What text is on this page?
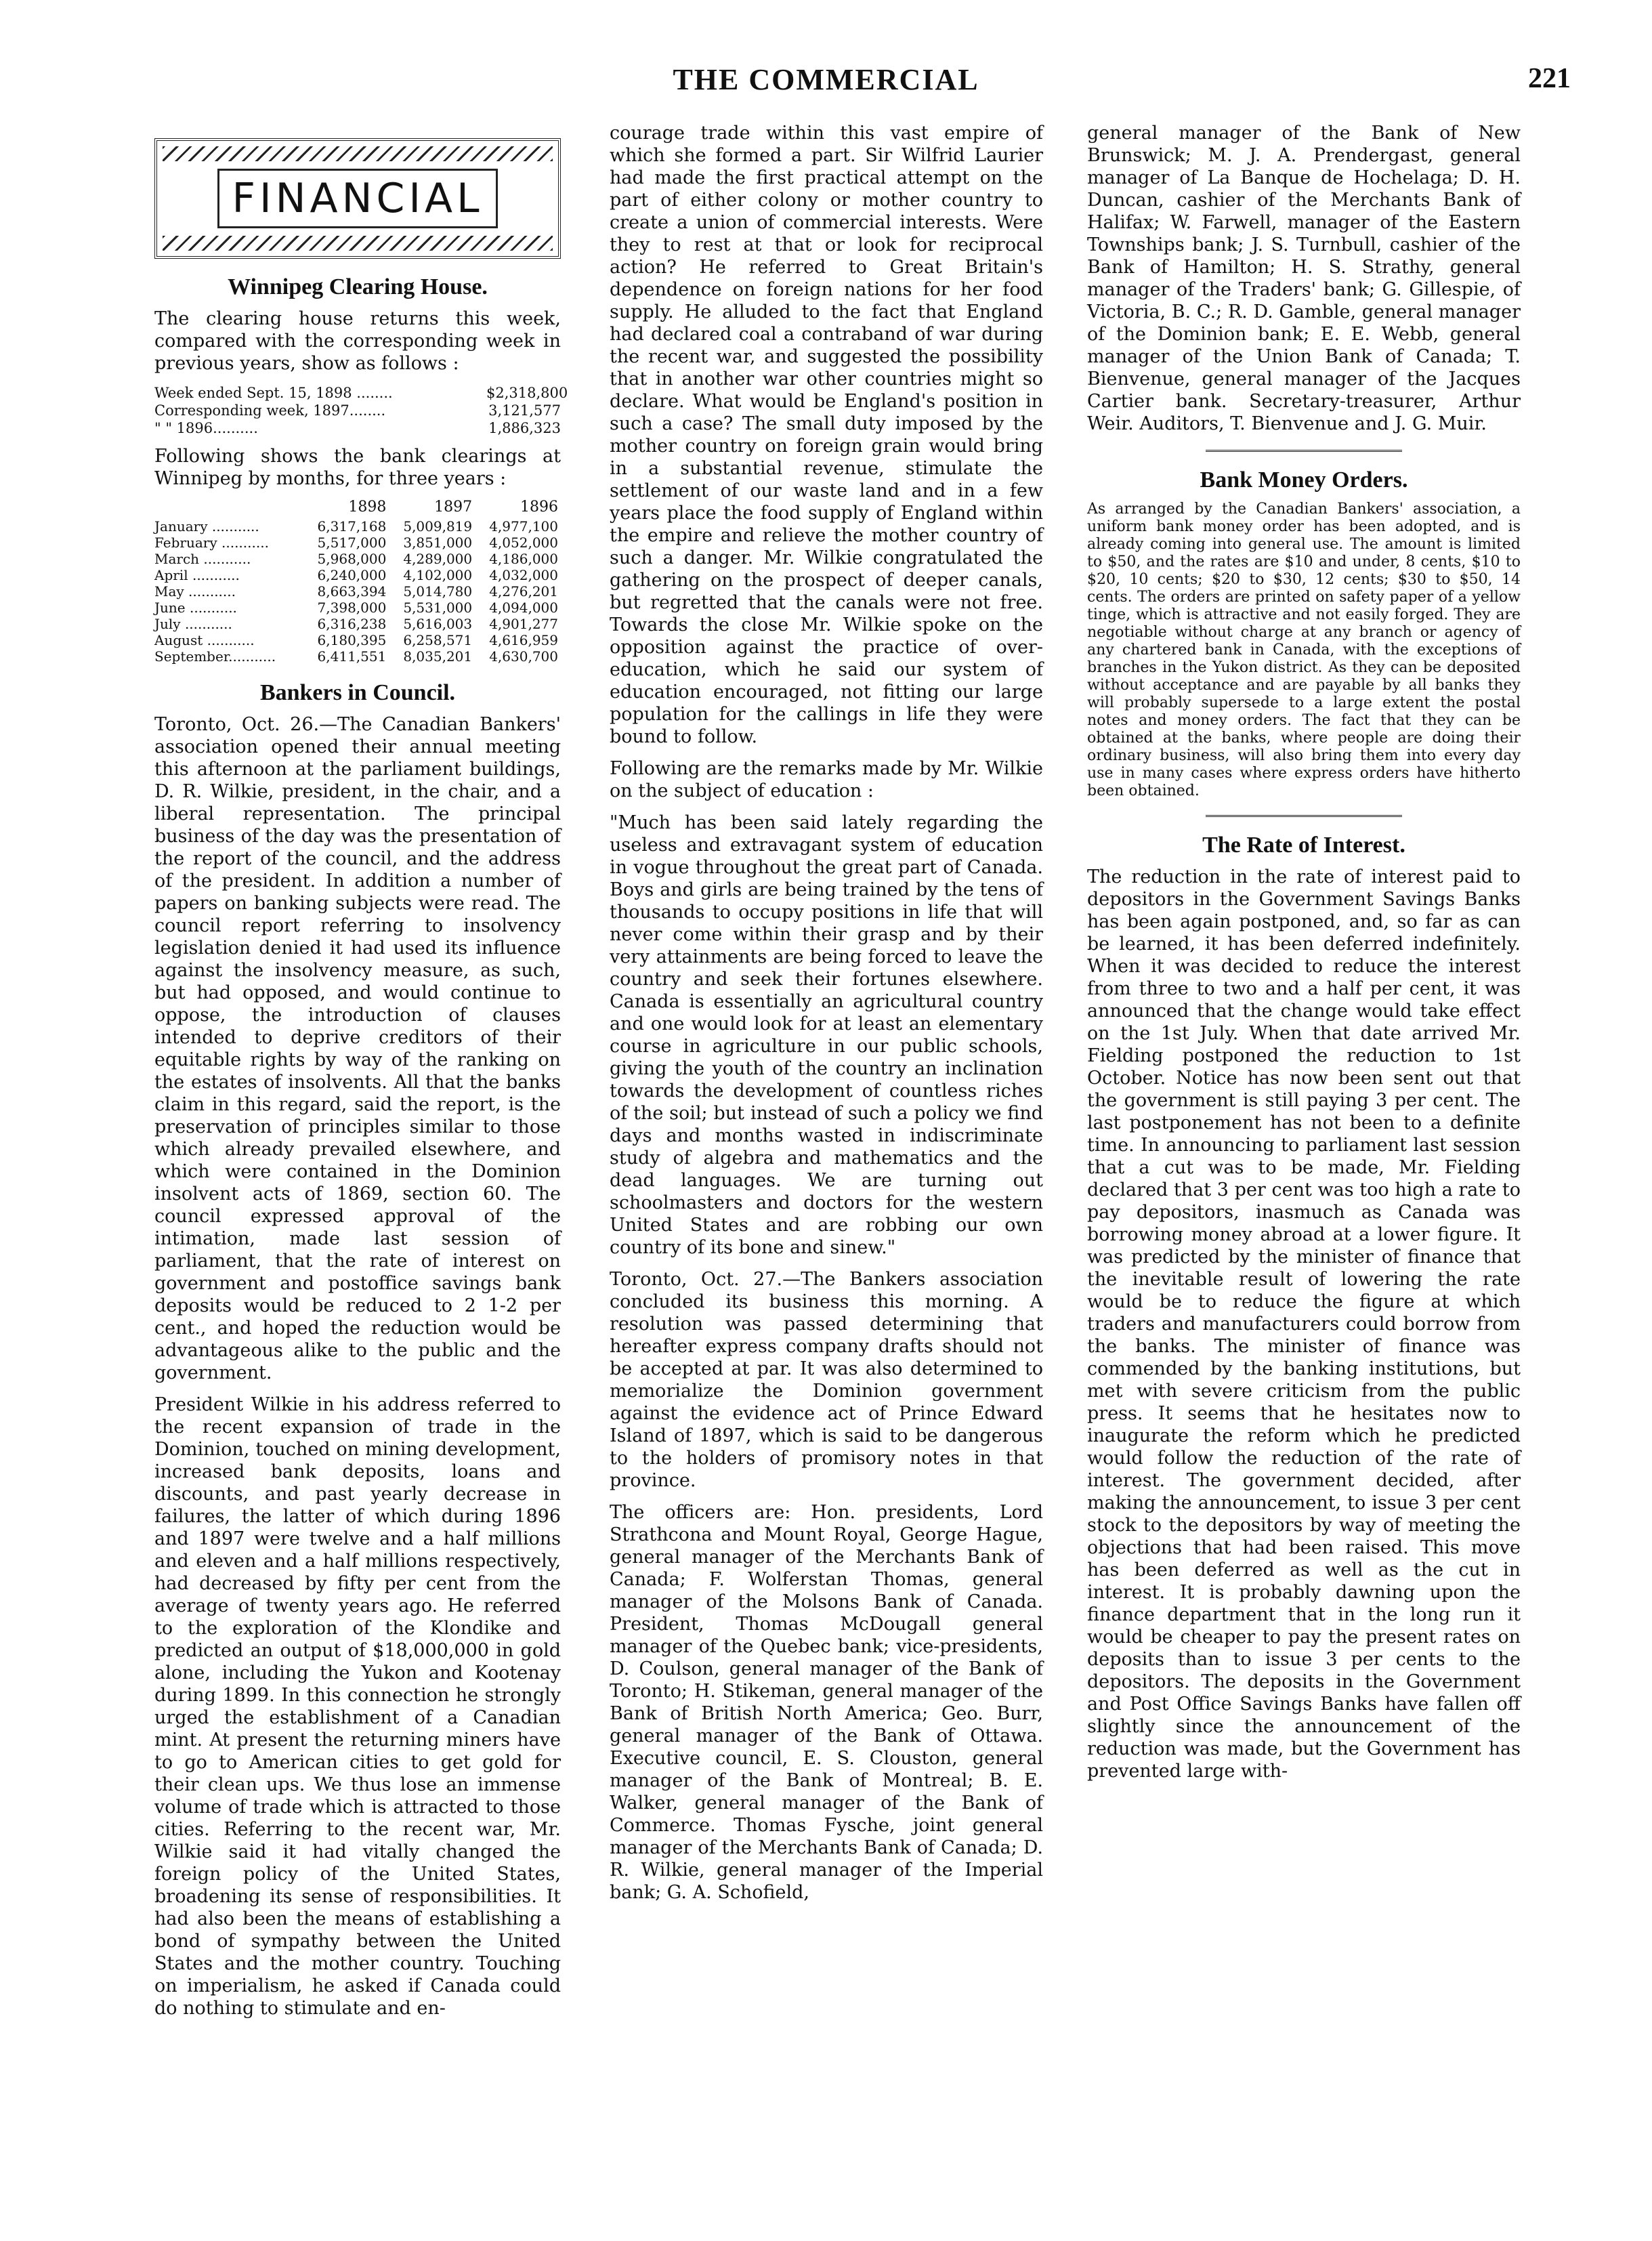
THE COMMERCIAL	221
FINANCIAL
Winnipeg Clearing House.

The clearing house returns this week, compared with the corresponding week in previous years, show as follows :

Week ended Sept. 15, 1898 ........	$2,318,800
Corresponding week, 1897........	3,121,577
" " 1896..........	1,886,323

Following shows the bank clearings at Winnipeg by months, for three years :

	1898	1897	1896
January ...........	6,317,168	5,009,819	4,977,100
February ...........	5,517,000	3,851,000	4,052,000
March ...........	5,968,000	4,289,000	4,186,000
April ...........	6,240,000	4,102,000	4,032,000
May ...........	8,663,394	5,014,780	4,276,201
June ...........	7,398,000	5,531,000	4,094,000
July ...........	6,316,238	5,616,003	4,901,277
August ...........	6,180,395	6,258,571	4,616,959
September...........	6,411,551	8,035,201	4,630,700
Bankers in Council.

Toronto, Oct. 26.—The Canadian Bankers' association opened their annual meeting this afternoon at the parliament buildings, D. R. Wilkie, president, in the chair, and a liberal representation. The principal business of the day was the presentation of the report of the council, and the address of the president. In addition a number of papers on banking subjects were read. The council report referring to insolvency legislation denied it had used its influence against the insolvency measure, as such, but had opposed, and would continue to oppose, the introduction of clauses intended to deprive creditors of their equitable rights by way of the ranking on the estates of insolvents. All that the banks claim in this regard, said the report, is the preservation of principles similar to those which already prevailed elsewhere, and which were contained in the Dominion insolvent acts of 1869, section 60. The council expressed approval of the intimation, made last session of parliament, that the rate of interest on government and postoffice savings bank deposits would be reduced to 2 1-2 per cent., and hoped the reduction would be advantageous alike to the public and the government.

President Wilkie in his address referred to the recent expansion of trade in the Dominion, touched on mining development, increased bank deposits, loans and discounts, and past yearly decrease in failures, the latter of which during 1896 and 1897 were twelve and a half millions and eleven and a half millions respectively, had decreased by fifty per cent from the average of twenty years ago. He referred to the exploration of the Klondike and predicted an output of $18,000,000 in gold alone, including the Yukon and Kootenay during 1899. In this connection he strongly urged the establishment of a Canadian mint. At present the returning miners have to go to American cities to get gold for their clean ups. We thus lose an immense volume of trade which is attracted to those cities. Referring to the recent war, Mr. Wilkie said it had vitally changed the foreign policy of the United States, broadening its sense of responsibilities. It had also been the means of establishing a bond of sympathy between the United States and the mother country. Touching on imperialism, he asked if Canada could do nothing to stimulate and en-

courage trade within this vast empire of which she formed a part. Sir Wilfrid Laurier had made the first practical attempt on the part of either colony or mother country to create a union of commercial interests. Were they to rest at that or look for reciprocal action? He referred to Great Britain's dependence on foreign nations for her food supply. He alluded to the fact that England had declared coal a contraband of war during the recent war, and suggested the possibility that in another war other countries might so declare. What would be England's position in such a case? The small duty imposed by the mother country on foreign grain would bring in a substantial revenue, stimulate the settlement of our waste land and in a few years place the food supply of England within the empire and relieve the mother country of such a danger. Mr. Wilkie congratulated the gathering on the prospect of deeper canals, but regretted that the canals were not free. Towards the close Mr. Wilkie spoke on the opposition against the practice of over-education, which he said our system of education encouraged, not fitting our large population for the callings in life they were bound to follow.

Following are the remarks made by Mr. Wilkie on the subject of education :

"Much has been said lately regarding the useless and extravagant system of education in vogue throughout the great part of Canada. Boys and girls are being trained by the tens of thousands to occupy positions in life that will never come within their grasp and by their very attainments are being forced to leave the country and seek their fortunes elsewhere. Canada is essentially an agricultural country and one would look for at least an elementary course in agriculture in our public schools, giving the youth of the country an inclination towards the development of countless riches of the soil; but instead of such a policy we find days and months wasted in indiscriminate study of algebra and mathematics and the dead languages. We are turning out schoolmasters and doctors for the western United States and are robbing our own country of its bone and sinew."

Toronto, Oct. 27.—The Bankers association concluded its business this morning. A resolution was passed determining that hereafter express company drafts should not be accepted at par. It was also determined to memorialize the Dominion government against the evidence act of Prince Edward Island of 1897, which is said to be dangerous to the holders of promisory notes in that province.

The officers are: Hon. presidents, Lord Strathcona and Mount Royal, George Hague, general manager of the Merchants Bank of Canada; F. Wolferstan Thomas, general manager of the Molsons Bank of Canada. President, Thomas McDougall general manager of the Quebec bank; vice-presidents, D. Coulson, general manager of the Bank of Toronto; H. Stikeman, general manager of the Bank of British North America; Geo. Burr, general manager of the Bank of Ottawa. Executive council, E. S. Clouston, general manager of the Bank of Montreal; B. E. Walker, general manager of the Bank of Commerce. Thomas Fysche, joint general manager of the Merchants Bank of Canada; D. R. Wilkie, general manager of the Imperial bank; G. A. Schofield,

general manager of the Bank of New Brunswick; M. J. A. Prendergast, general manager of La Banque de Hochelaga; D. H. Duncan, cashier of the Merchants Bank of Halifax; W. Farwell, manager of the Eastern Townships bank; J. S. Turnbull, cashier of the Bank of Hamilton; H. S. Strathy, general manager of the Traders' bank; G. Gillespie, of Victoria, B. C.; R. D. Gamble, general manager of the Dominion bank; E. E. Webb, general manager of the Union Bank of Canada; T. Bienvenue, general manager of the Jacques Cartier bank. Secretary-treasurer, Arthur Weir. Auditors, T. Bienvenue and J. G. Muir.

Bank Money Orders.

As arranged by the Canadian Bankers' association, a uniform bank money order has been adopted, and is already coming into general use. The amount is limited to $50, and the rates are $10 and under, 8 cents, $10 to $20, 10 cents; $20 to $30, 12 cents; $30 to $50, 14 cents. The orders are printed on safety paper of a yellow tinge, which is attractive and not easily forged. They are negotiable without charge at any branch or agency of any chartered bank in Canada, with the exceptions of branches in the Yukon district. As they can be deposited without acceptance and are payable by all banks they will probably supersede to a large extent the postal notes and money orders. The fact that they can be obtained at the banks, where people are doing their ordinary business, will also bring them into every day use in many cases where express orders have hitherto been obtained.

The Rate of Interest.

The reduction in the rate of interest paid to depositors in the Government Savings Banks has been again postponed, and, so far as can be learned, it has been deferred indefinitely. When it was decided to reduce the interest from three to two and a half per cent, it was announced that the change would take effect on the 1st July. When that date arrived Mr. Fielding postponed the reduction to 1st October. Notice has now been sent out that the government is still paying 3 per cent. The last postponement has not been to a definite time. In announcing to parliament last session that a cut was to be made, Mr. Fielding declared that 3 per cent was too high a rate to pay depositors, inasmuch as Canada was borrowing money abroad at a lower figure. It was predicted by the minister of finance that the inevitable result of lowering the rate would be to reduce the figure at which traders and manufacturers could borrow from the banks. The minister of finance was commended by the banking institutions, but met with severe criticism from the public press. It seems that he hesitates now to inaugurate the reform which he predicted would follow the reduction of the rate of interest. The government decided, after making the announcement, to issue 3 per cent stock to the depositors by way of meeting the objections that had been raised. This move has been deferred as well as the cut in interest. It is probably dawning upon the finance department that in the long run it would be cheaper to pay the present rates on deposits than to issue 3 per cents to the depositors. The deposits in the Government and Post Office Savings Banks have fallen off slightly since the announcement of the reduction was made, but the Government has prevented large with-
